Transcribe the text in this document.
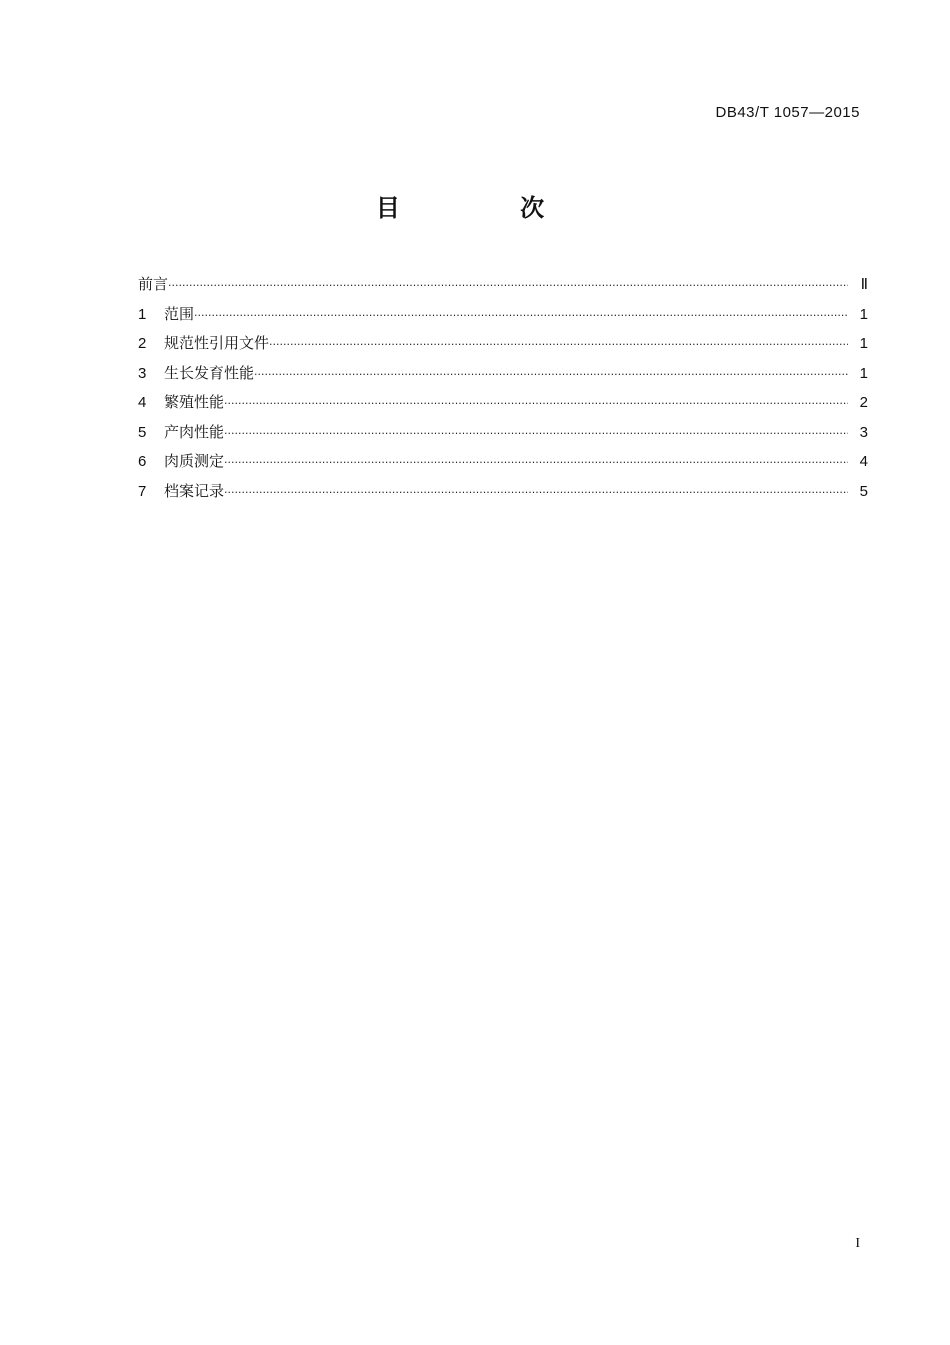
DB43/T 1057—2015
目 次
前言 ·····	Ⅱ
1	范围 ·····	1
2	规范性引用文件 ·····	1
3	生长发育性能 ·····	1
4	繁殖性能 ·····	2
5	产肉性能 ·····	3
6	肉质测定 ·····	4
7	档案记录 ·····	5
I
